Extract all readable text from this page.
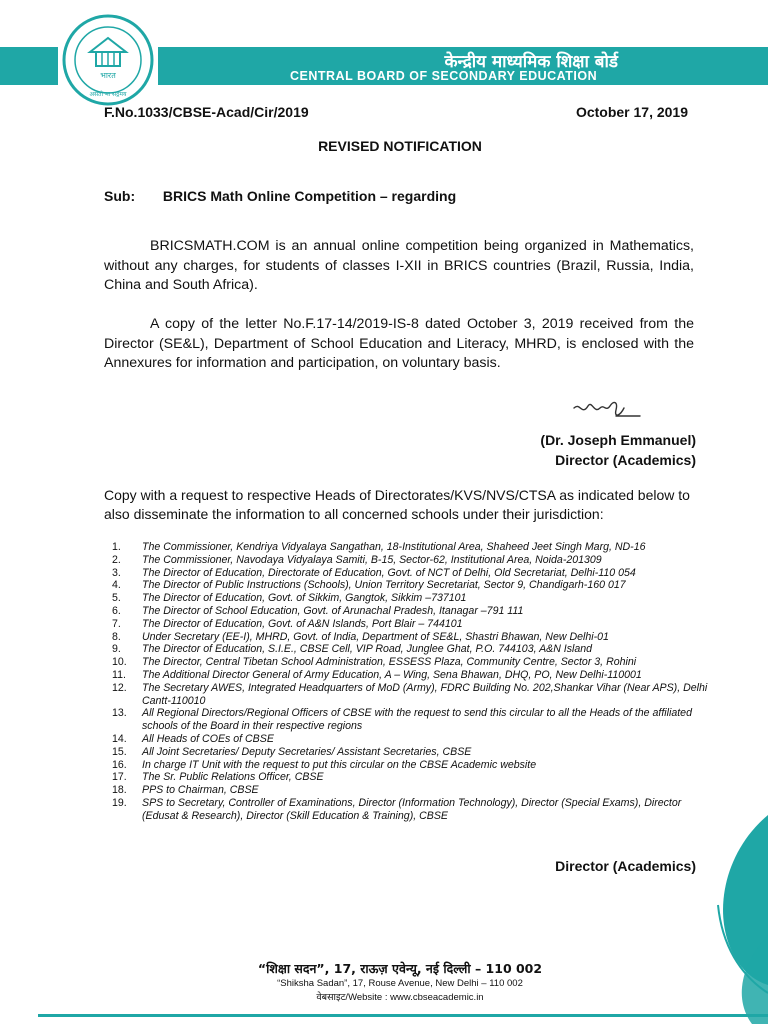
केन्द्रीय माध्यमिक शिक्षा बोर्ड
CENTRAL BOARD OF SECONDARY EDUCATION
भारत
असतो मा सद्गमय
F.No.1033/CBSE-Acad/Cir/2019	October 17, 2019
REVISED NOTIFICATION
Sub: BRICS Math Online Competition – regarding

BRICSMATH.COM is an annual online competition being organized in Mathematics, without any charges, for students of classes I-XII in BRICS countries (Brazil, Russia, India, China and South Africa).

A copy of the letter No.F.17-14/2019-IS-8 dated October 3, 2019 received from the Director (SE&L), Department of School Education and Literacy, MHRD, is enclosed with the Annexures for information and participation, on voluntary basis.

(Dr. Joseph Emmanuel)
Director (Academics)

Copy with a request to respective Heads of Directorates/KVS/NVS/CTSA as indicated below to also disseminate the information to all concerned schools under their jurisdiction:

1.	The Commissioner, Kendriya Vidyalaya Sangathan, 18-Institutional Area, Shaheed Jeet Singh Marg, ND-16
2.	The Commissioner, Navodaya Vidyalaya Samiti, B-15, Sector-62, Institutional Area, Noida-201309
3.	The Director of Education, Directorate of Education, Govt. of NCT of Delhi, Old Secretariat, Delhi-110 054
4.	The Director of Public Instructions (Schools), Union Territory Secretariat, Sector 9, Chandigarh-160 017
5.	The Director of Education, Govt. of Sikkim, Gangtok, Sikkim –737101
6.	The Director of School Education, Govt. of Arunachal Pradesh, Itanagar –791 111
7.	The Director of Education, Govt. of A&N Islands, Port Blair – 744101
8.	Under Secretary (EE-I), MHRD, Govt. of India, Department of SE&L, Shastri Bhawan, New Delhi-01
9.	The Director of Education, S.I.E., CBSE Cell, VIP Road, Junglee Ghat, P.O. 744103, A&N Island
10.	The Director, Central Tibetan School Administration, ESSESS Plaza, Community Centre, Sector 3, Rohini
11.	The Additional Director General of Army Education, A – Wing, Sena Bhawan, DHQ, PO, New Delhi-110001
12.	The Secretary AWES, Integrated Headquarters of MoD (Army), FDRC Building No. 202,Shankar Vihar (Near APS), Delhi Cantt-110010
13.	All Regional Directors/Regional Officers of CBSE with the request to send this circular to all the Heads of the affiliated schools of the Board in their respective regions
14.	All Heads of COEs of CBSE
15.	All Joint Secretaries/ Deputy Secretaries/ Assistant Secretaries, CBSE
16.	In charge IT Unit with the request to put this circular on the CBSE Academic website
17.	The Sr. Public Relations Officer, CBSE
18.	PPS to Chairman, CBSE
19.	SPS to Secretary, Controller of Examinations, Director (Information Technology), Director (Special Exams), Director (Edusat & Research), Director (Skill Education & Training), CBSE
Director (Academics)
“शिक्षा सदन”, 17, राऊज़ एवेन्यू, नई दिल्ली – 110 002
“Shiksha Sadan”, 17, Rouse Avenue, New Delhi – 110 002
वेबसाइट/Website : www.cbseacademic.in
